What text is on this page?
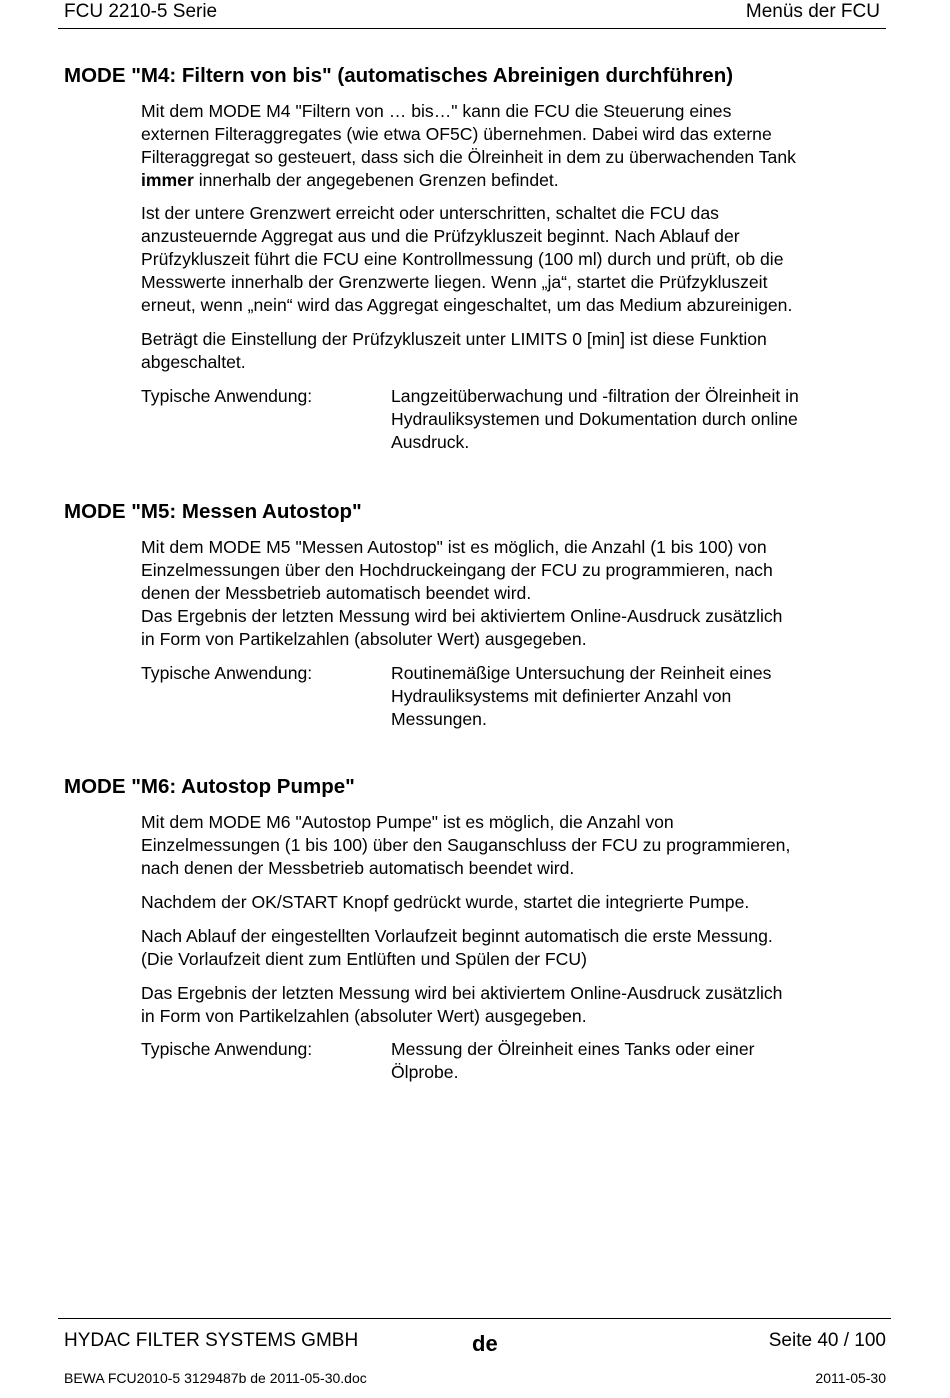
FCU 2210-5 Serie	Menüs der FCU
MODE "M4: Filtern von bis" (automatisches Abreinigen durchführen)
Mit dem MODE M4 "Filtern von … bis…" kann die FCU die Steuerung eines
externen Filteraggregates (wie etwa OF5C) übernehmen. Dabei wird das externe
Filteraggregat so gesteuert, dass sich die Ölreinheit in dem zu überwachenden Tank
immer innerhalb der angegebenen Grenzen befindet.
Ist der untere Grenzwert erreicht oder unterschritten, schaltet die FCU das
anzusteuernde Aggregat aus und die Prüfzykluszeit beginnt. Nach Ablauf der
Prüfzykluszeit führt die FCU eine Kontrollmessung (100 ml) durch und prüft, ob die
Messwerte innerhalb der Grenzwerte liegen. Wenn „ja“, startet die Prüfzykluszeit
erneut, wenn „nein“ wird das Aggregat eingeschaltet, um das Medium abzureinigen.
Beträgt die Einstellung der Prüfzykluszeit unter LIMITS 0 [min] ist diese Funktion
abgeschaltet.

Typische Anwendung:	Langzeitüberwachung und -filtration der Ölreinheit in
Hydrauliksystemen und Dokumentation durch online
Ausdruck.
MODE "M5: Messen Autostop"
Mit dem MODE M5 "Messen Autostop" ist es möglich, die Anzahl (1 bis 100) von
Einzelmessungen über den Hochdruckeingang der FCU zu programmieren, nach
denen der Messbetrieb automatisch beendet wird.
Das Ergebnis der letzten Messung wird bei aktiviertem Online-Ausdruck zusätzlich
in Form von Partikelzahlen (absoluter Wert) ausgegeben.

Typische Anwendung:	Routinemäßige Untersuchung der Reinheit eines
Hydrauliksystems mit definierter Anzahl von
Messungen.
MODE "M6: Autostop Pumpe"
Mit dem MODE M6 "Autostop Pumpe" ist es möglich, die Anzahl von
Einzelmessungen (1 bis 100) über den Sauganschluss der FCU zu programmieren,
nach denen der Messbetrieb automatisch beendet wird.
Nachdem der OK/START Knopf gedrückt wurde, startet die integrierte Pumpe.
Nach Ablauf der eingestellten Vorlaufzeit beginnt automatisch die erste Messung.
(Die Vorlaufzeit dient zum Entlüften und Spülen der FCU)
Das Ergebnis der letzten Messung wird bei aktiviertem Online-Ausdruck zusätzlich
in Form von Partikelzahlen (absoluter Wert) ausgegeben.

Typische Anwendung:	Messung der Ölreinheit eines Tanks oder einer
Ölprobe.
HYDAC FILTER SYSTEMS GMBH	de	Seite 40 / 100
BEWA FCU2010-5 3129487b de 2011-05-30.doc	2011-05-30
